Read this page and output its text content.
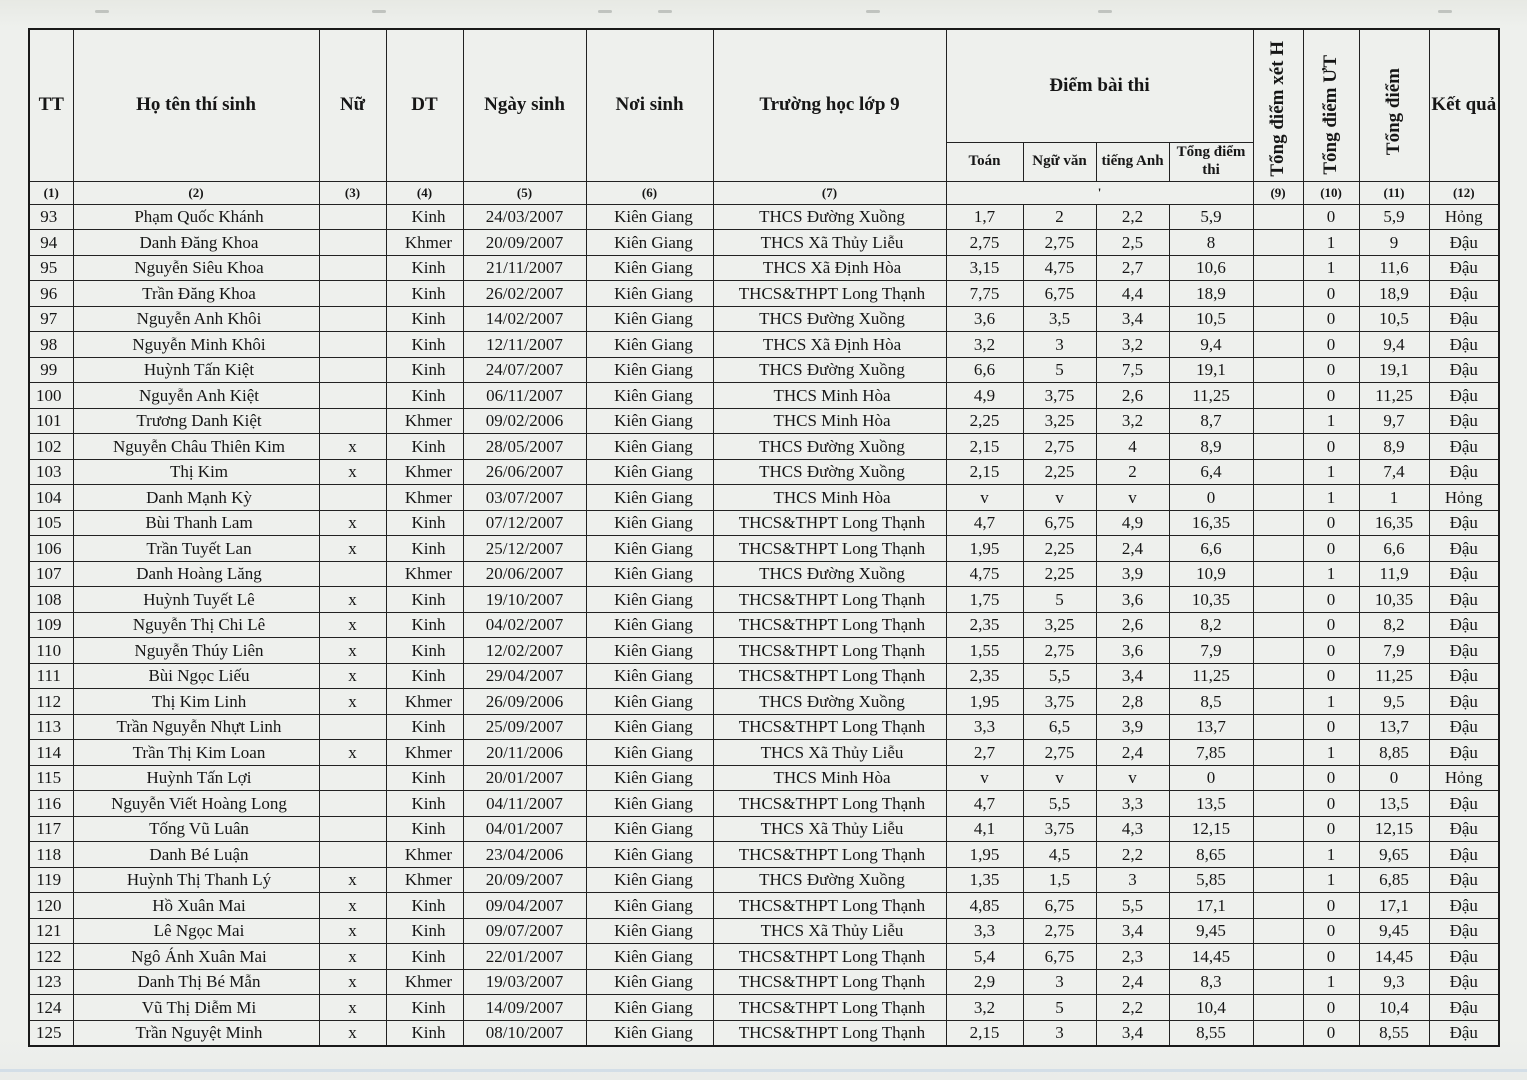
TT	Họ tên thí sinh	Nữ	DT	Ngày sinh	Nơi sinh	Trường học lớp 9	Điểm bài thi				Tổng điểm xét H	Tổng điểm ƯT	Tổng điểm	Kết quả
							Toán	Ngữ văn	tiếng Anh	Tổng điểm thi				
(1)	(2)	(3)	(4)	(5)	(6)	(7)	'				(9)	(10)	(11)	(12)
93	Phạm Quốc Khánh		Kinh	24/03/2007	Kiên Giang	THCS Đường Xuồng	1,7	2	2,2	5,9		0	5,9	Hỏng
94	Danh Đăng Khoa		Khmer	20/09/2007	Kiên Giang	THCS Xã Thủy Liễu	2,75	2,75	2,5	8		1	9	Đậu
95	Nguyễn Siêu Khoa		Kinh	21/11/2007	Kiên Giang	THCS Xã Định Hòa	3,15	4,75	2,7	10,6		1	11,6	Đậu
96	Trần Đăng Khoa		Kinh	26/02/2007	Kiên Giang	THCS&THPT Long Thạnh	7,75	6,75	4,4	18,9		0	18,9	Đậu
97	Nguyễn Anh Khôi		Kinh	14/02/2007	Kiên Giang	THCS Đường Xuồng	3,6	3,5	3,4	10,5		0	10,5	Đậu
98	Nguyễn Minh Khôi		Kinh	12/11/2007	Kiên Giang	THCS Xã Định Hòa	3,2	3	3,2	9,4		0	9,4	Đậu
99	Huỳnh Tấn Kiệt		Kinh	24/07/2007	Kiên Giang	THCS Đường Xuồng	6,6	5	7,5	19,1		0	19,1	Đậu
100	Nguyễn Anh Kiệt		Kinh	06/11/2007	Kiên Giang	THCS Minh Hòa	4,9	3,75	2,6	11,25		0	11,25	Đậu
101	Trương Danh Kiệt		Khmer	09/02/2006	Kiên Giang	THCS Minh Hòa	2,25	3,25	3,2	8,7		1	9,7	Đậu
102	Nguyễn Châu Thiên Kim	x	Kinh	28/05/2007	Kiên Giang	THCS Đường Xuồng	2,15	2,75	4	8,9		0	8,9	Đậu
103	Thị Kim	x	Khmer	26/06/2007	Kiên Giang	THCS Đường Xuồng	2,15	2,25	2	6,4		1	7,4	Đậu
104	Danh Mạnh Kỳ		Khmer	03/07/2007	Kiên Giang	THCS Minh Hòa	v	v	v	0		1	1	Hỏng
105	Bùi Thanh Lam	x	Kinh	07/12/2007	Kiên Giang	THCS&THPT Long Thạnh	4,7	6,75	4,9	16,35		0	16,35	Đậu
106	Trần Tuyết Lan	x	Kinh	25/12/2007	Kiên Giang	THCS&THPT Long Thạnh	1,95	2,25	2,4	6,6		0	6,6	Đậu
107	Danh Hoàng Lăng		Khmer	20/06/2007	Kiên Giang	THCS Đường Xuồng	4,75	2,25	3,9	10,9		1	11,9	Đậu
108	Huỳnh Tuyết Lê	x	Kinh	19/10/2007	Kiên Giang	THCS&THPT Long Thạnh	1,75	5	3,6	10,35		0	10,35	Đậu
109	Nguyễn Thị Chi Lê	x	Kinh	04/02/2007	Kiên Giang	THCS&THPT Long Thạnh	2,35	3,25	2,6	8,2		0	8,2	Đậu
110	Nguyễn Thúy Liên	x	Kinh	12/02/2007	Kiên Giang	THCS&THPT Long Thạnh	1,55	2,75	3,6	7,9		0	7,9	Đậu
111	Bùi Ngọc Liếu	x	Kinh	29/04/2007	Kiên Giang	THCS&THPT Long Thạnh	2,35	5,5	3,4	11,25		0	11,25	Đậu
112	Thị Kim Linh	x	Khmer	26/09/2006	Kiên Giang	THCS Đường Xuồng	1,95	3,75	2,8	8,5		1	9,5	Đậu
113	Trần Nguyễn Nhựt Linh		Kinh	25/09/2007	Kiên Giang	THCS&THPT Long Thạnh	3,3	6,5	3,9	13,7		0	13,7	Đậu
114	Trần Thị Kim Loan	x	Khmer	20/11/2006	Kiên Giang	THCS Xã Thủy Liễu	2,7	2,75	2,4	7,85		1	8,85	Đậu
115	Huỳnh Tấn Lợi		Kinh	20/01/2007	Kiên Giang	THCS Minh Hòa	v	v	v	0		0	0	Hỏng
116	Nguyễn Viết Hoàng Long		Kinh	04/11/2007	Kiên Giang	THCS&THPT Long Thạnh	4,7	5,5	3,3	13,5		0	13,5	Đậu
117	Tống Vũ Luân		Kinh	04/01/2007	Kiên Giang	THCS Xã Thủy Liễu	4,1	3,75	4,3	12,15		0	12,15	Đậu
118	Danh Bé Luận		Khmer	23/04/2006	Kiên Giang	THCS&THPT Long Thạnh	1,95	4,5	2,2	8,65		1	9,65	Đậu
119	Huỳnh Thị Thanh Lý	x	Khmer	20/09/2007	Kiên Giang	THCS Đường Xuồng	1,35	1,5	3	5,85		1	6,85	Đậu
120	Hồ Xuân Mai	x	Kinh	09/04/2007	Kiên Giang	THCS&THPT Long Thạnh	4,85	6,75	5,5	17,1		0	17,1	Đậu
121	Lê Ngọc Mai	x	Kinh	09/07/2007	Kiên Giang	THCS Xã Thủy Liễu	3,3	2,75	3,4	9,45		0	9,45	Đậu
122	Ngô Ánh Xuân Mai	x	Kinh	22/01/2007	Kiên Giang	THCS&THPT Long Thạnh	5,4	6,75	2,3	14,45		0	14,45	Đậu
123	Danh Thị Bé Mẫn	x	Khmer	19/03/2007	Kiên Giang	THCS&THPT Long Thạnh	2,9	3	2,4	8,3		1	9,3	Đậu
124	Vũ Thị Diễm Mi	x	Kinh	14/09/2007	Kiên Giang	THCS&THPT Long Thạnh	3,2	5	2,2	10,4		0	10,4	Đậu
125	Trần Nguyệt Minh	x	Kinh	08/10/2007	Kiên Giang	THCS&THPT Long Thạnh	2,15	3	3,4	8,55		0	8,55	Đậu
